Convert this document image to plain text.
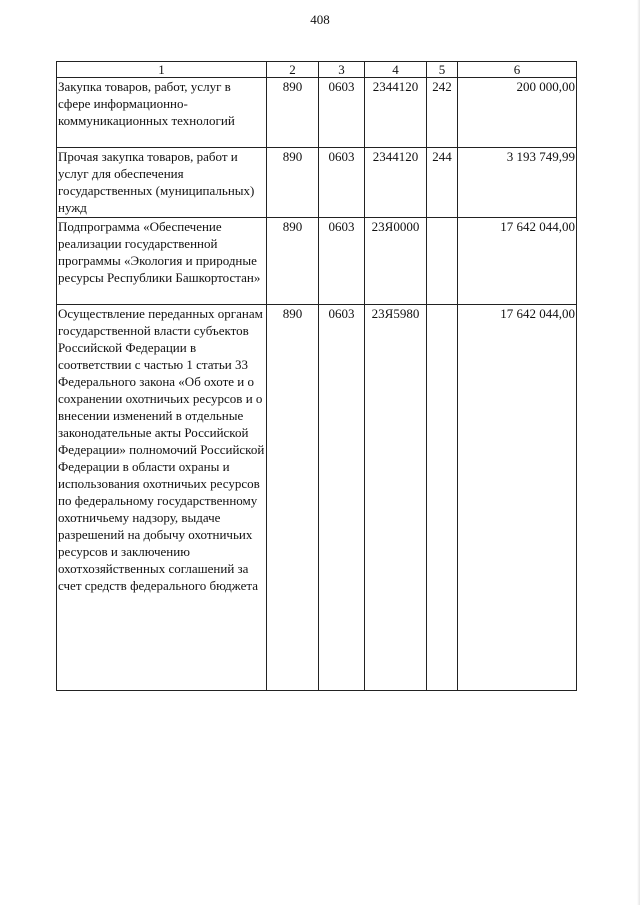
408
1	2	3	4	5	6
Закупка товаров, работ, услуг в сфере информационно-коммуникационных технологий	890	0603	2344120	242	200 000,00
Прочая закупка товаров, работ и услуг для обеспечения государственных (муниципальных) нужд	890	0603	2344120	244	3 193 749,99
Подпрограмма «Обеспечение реализации государственной программы «Экология и природные ресурсы Республики Башкортостан»	890	0603	23Я0000		17 642 044,00
Осуществление переданных органам государственной власти субъектов Российской Федерации в соответствии с частью 1 статьи 33 Федерального закона «Об охоте и о сохранении охотничьих ресурсов и о внесении изменений в отдельные законодательные акты Российской Федерации» полномочий Российской Федерации в области охраны и использования охотничьих ресурсов по федеральному государственному охотничьему надзору, выдаче разрешений на добычу охотничьих ресурсов и заключению охотхозяйственных соглашений за счет средств федерального бюджета	890	0603	23Я5980		17 642 044,00
